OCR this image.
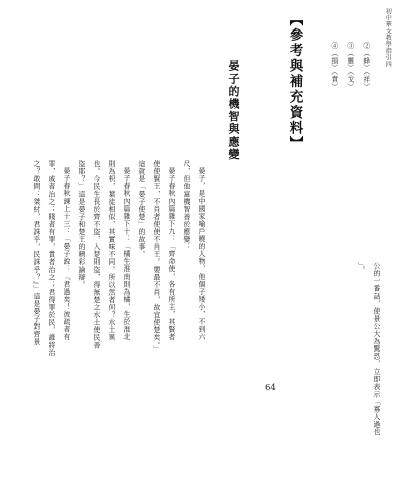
初中華文教學指引四
②（蜂）（祥）
③（靈）（戈）
④（損）（責）
【參考與補充資料】
晏子的機智與應變
晏子，是中國家喻戶曉的人物，他個子矮小，不到六
尺，但他富機智善於應變：
晏子春秋內篇雜下九：「齊命使，各有所主，其賢者
使使賢王，不肖者使使不肖王。嬰最不肖，故宜使楚矣。」
這就是「晏子使楚」的故事。
晏子春秋內篇雜下十：「橘生淮南則為橘，生於淮北
則為枳，葉徒相似，其實味不同。所以然者何？水土異
也。今民生長於齊不盜，入楚則盜，得無楚之水土使民善
盜耶？」這是晏子和楚王的精彩論辯。
晏子春秋諫上十三：「晏子說：『君過矣！彼疏者有
罪，戚者治之；賤者有罪，貴者治之；君得罪於民，誰將治
之？敢問：桀紂，君誅乎，民誅乎？』」這是晏子對齊景
公的一番話，使景公大為驚恐，立即表示「寡人過也
」。
64
